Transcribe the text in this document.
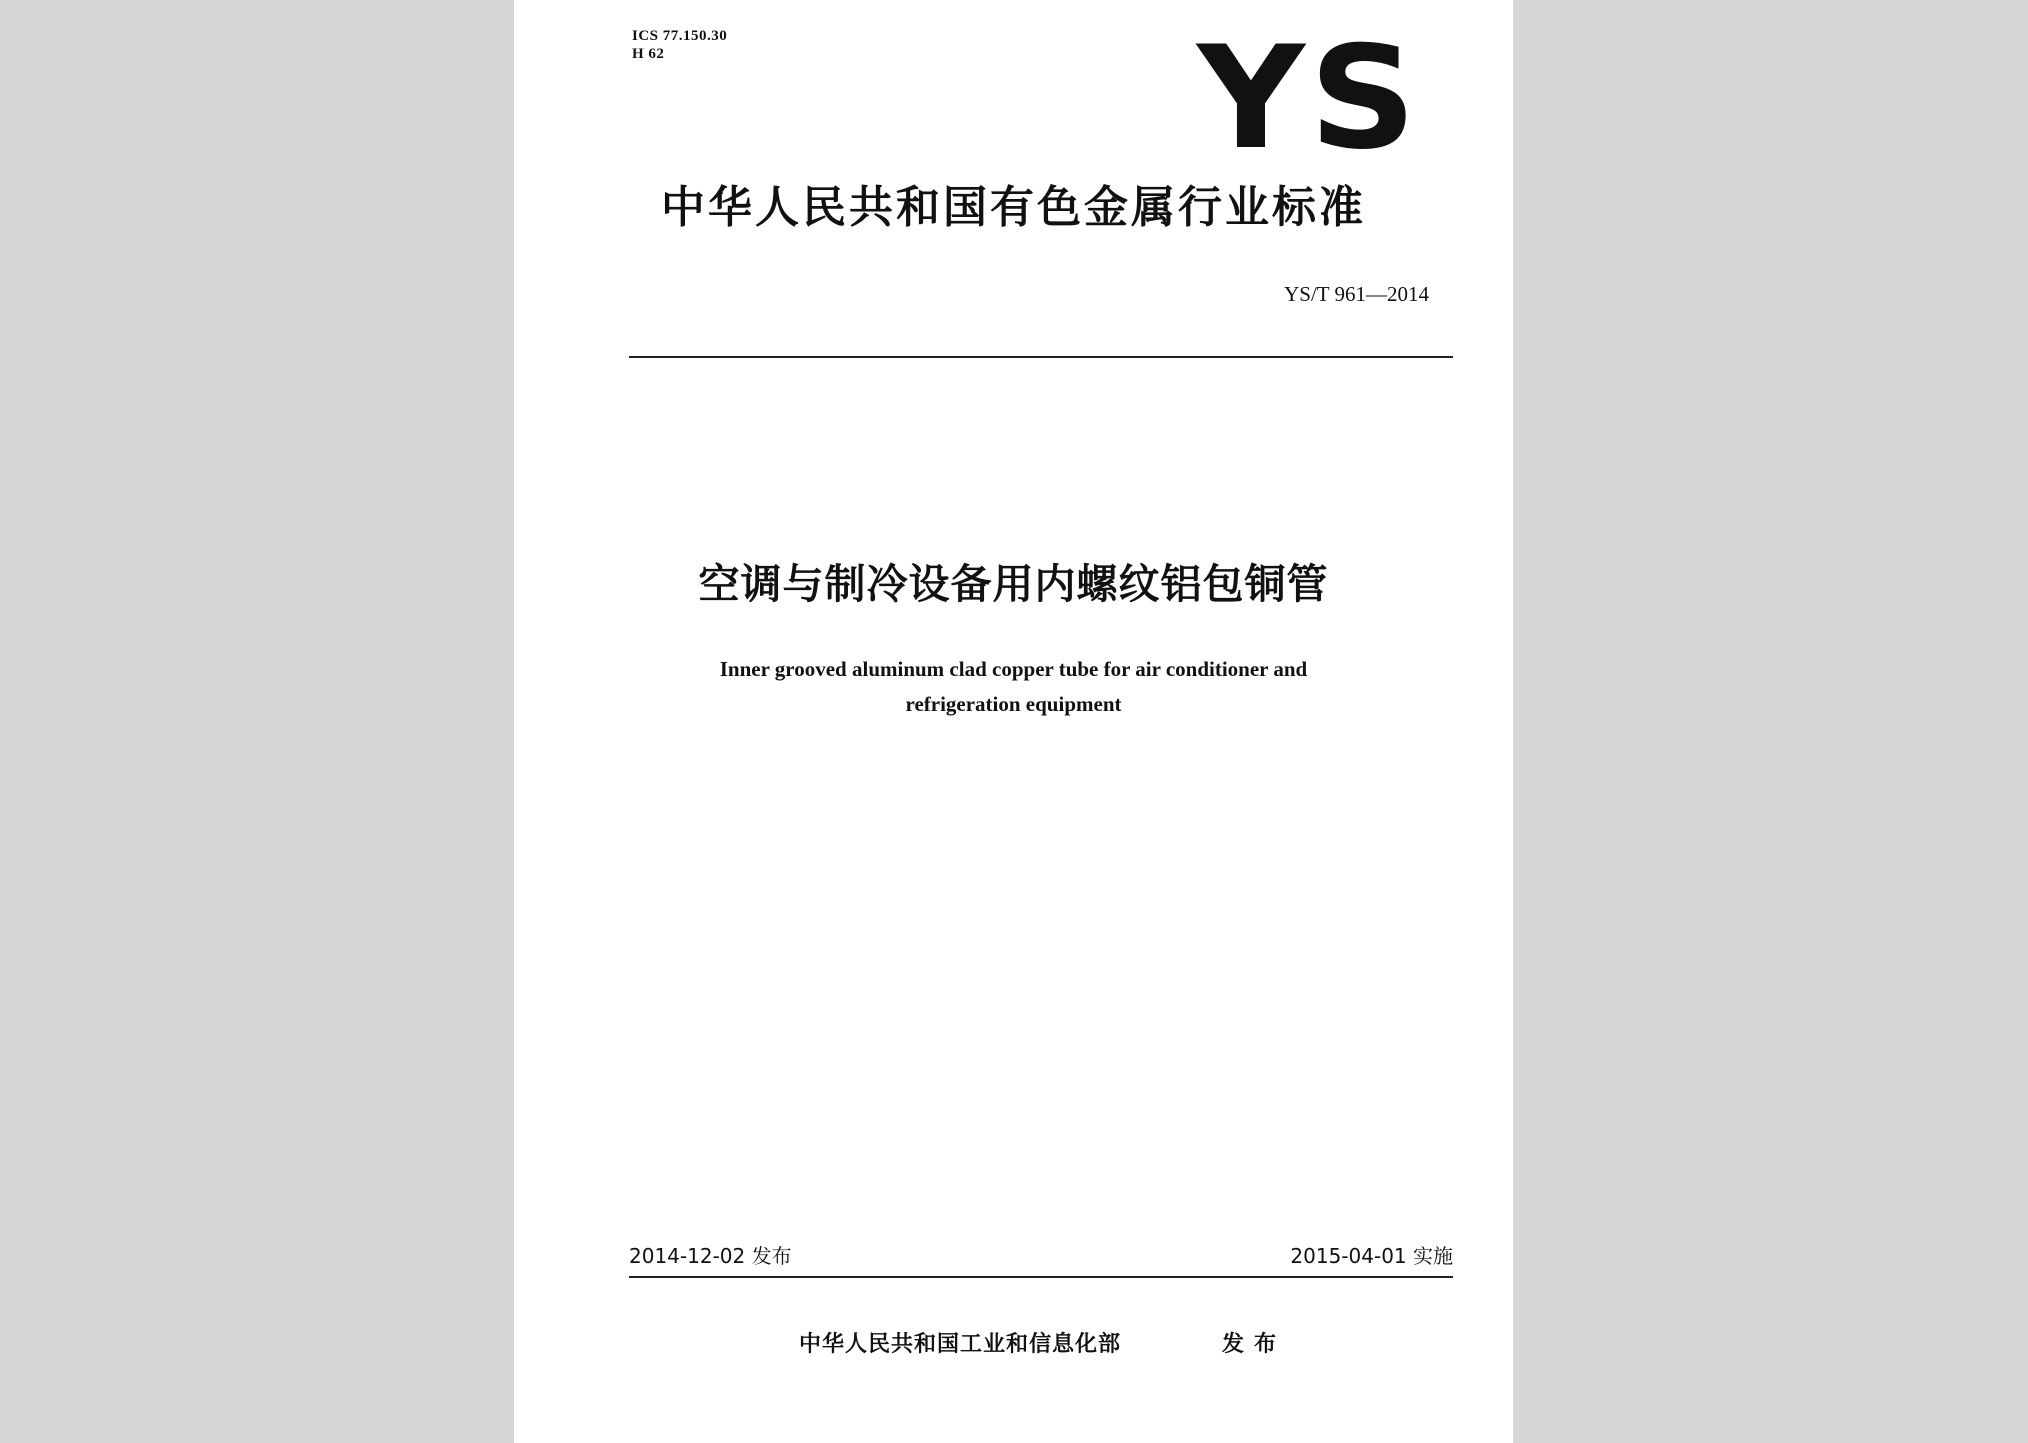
ICS 77.150.30
H 62	YS
中华人民共和国有色金属行业标准
YS/T 961—2014
空调与制冷设备用内螺纹铝包铜管
Inner grooved aluminum clad copper tube for air conditioner and
refrigeration equipment
2014-12-02 发布	2015-04-01 实施
中华人民共和国工业和信息化部	发布
